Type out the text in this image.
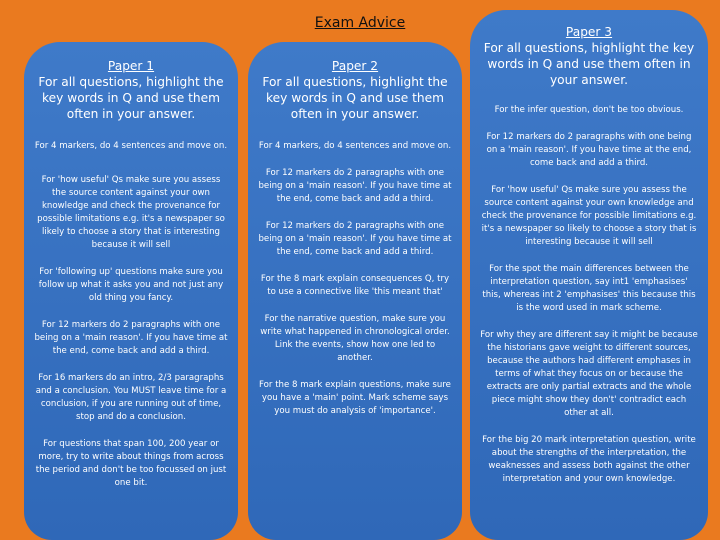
Exam Advice
Paper 1
For all questions, highlight the key words in Q and use them often in your answer.

For 4 markers, do 4 sentences and move on.

For 'how useful' Qs make sure you assess the source content against your own knowledge and check the provenance for possible limitations e.g. it's a newspaper so likely to choose a story that is interesting because it will sell

For 'following up' questions make sure you follow up what it asks you and not just any old thing you fancy.

For 12 markers do 2 paragraphs with one being on a 'main reason'. If you have time at the end, come back and add a third.

For 16 markers do an intro, 2/3 paragraphs and a conclusion. You MUST leave time for a conclusion, if you are running out of time, stop and do a conclusion.

For questions that span 100, 200 year or more, try to write about things from across the period and don't be too focussed on just one bit.

Paper 2
For all questions, highlight the key words in Q and use them often in your answer.

For 4 markers, do 4 sentences and move on.

For 12 markers do 2 paragraphs with one being on a 'main reason'. If you have time at the end, come back and add a third.

For 12 markers do 2 paragraphs with one being on a 'main reason'. If you have time at the end, come back and add a third.

For the 8 mark explain consequences Q, try to use a connective like 'this meant that'

For the narrative question, make sure you write what happened in chronological order. Link the events, show how one led to another.

For the 8 mark explain questions, make sure you have a 'main' point. Mark scheme says you must do analysis of 'importance'.

Paper 3
For all questions, highlight the key words in Q and use them often in your answer.

For the infer question, don't be too obvious.

For 12 markers do 2 paragraphs with one being on a 'main reason'. If you have time at the end, come back and add a third.

For 'how useful' Qs make sure you assess the source content against your own knowledge and check the provenance for possible limitations e.g. it's a newspaper so likely to choose a story that is interesting because it will sell

For the spot the main differences between the interpretation question, say int1 'emphasises' this, whereas int 2 'emphasises' this because this is the word used in mark scheme.

For why they are different say it might be because the historians gave weight to different sources, because the authors had different emphases in terms of what they focus on or because the extracts are only partial extracts and the whole piece might show they don't' contradict each other at all.

For the big 20 mark interpretation question, write about the strengths of the interpretation, the weaknesses and assess both against the other interpretation and your own knowledge.
